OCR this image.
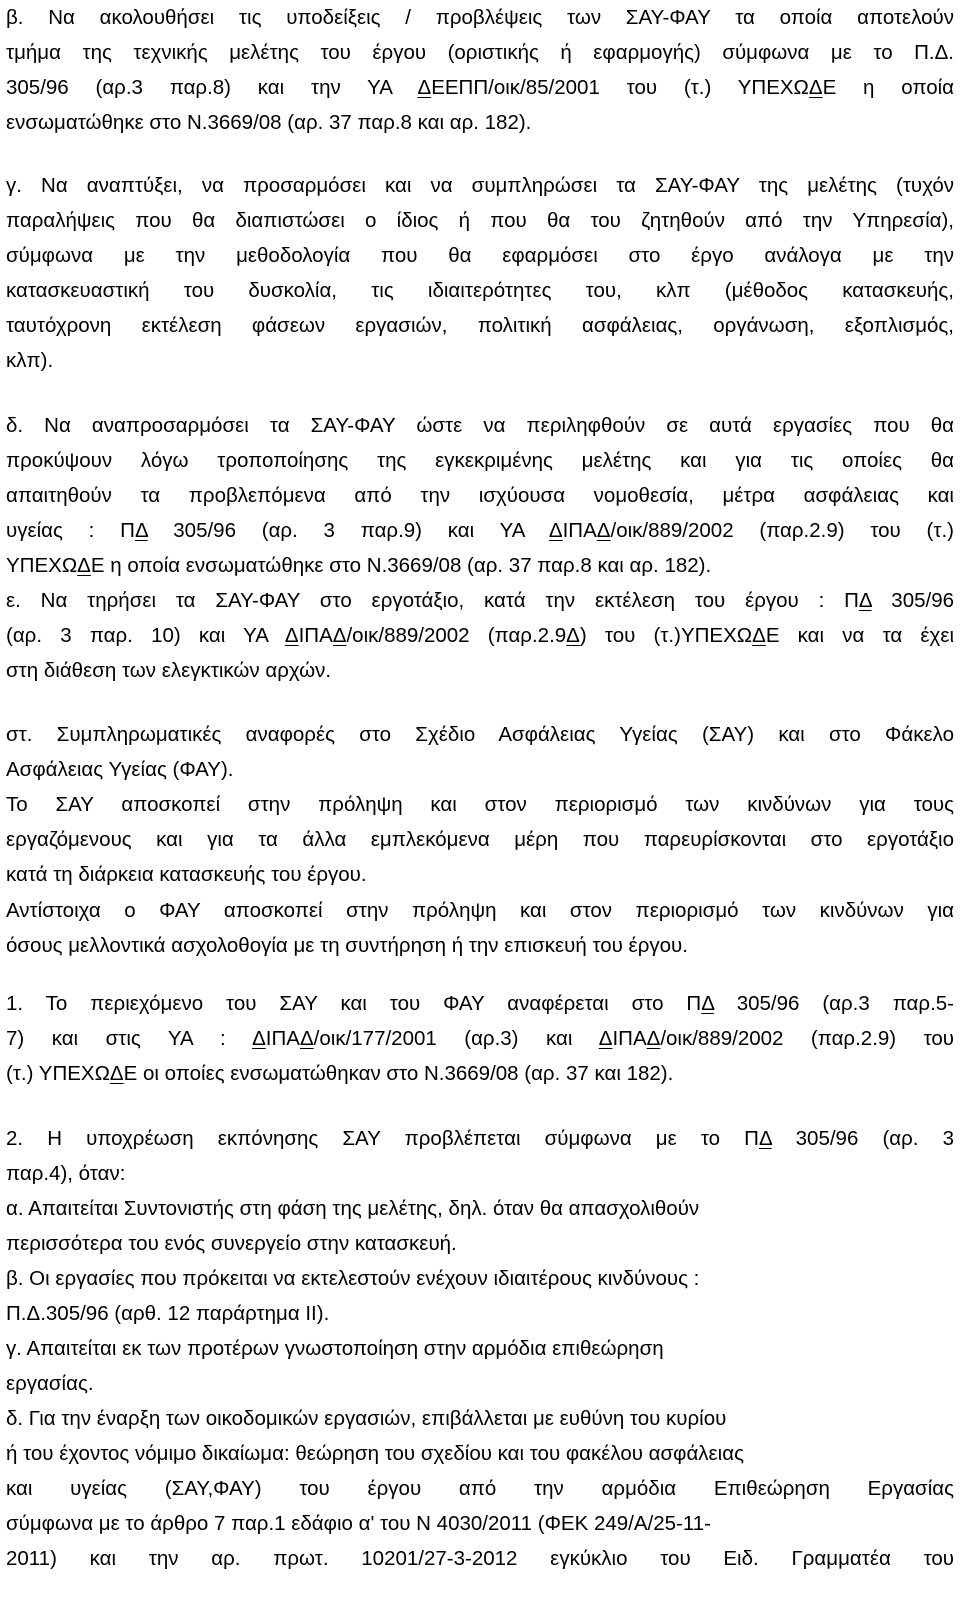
β. Να ακολουθήσει τις υποδείξεις / προβλέψεις των ΣΑΥ-ΦΑΥ τα οποία αποτελούν
τμήμα της τεχνικής μελέτης του έργου (οριστικής ή εφαρμογής) σύμφωνα με το Π.Δ.
305/96 (αρ.3 παρ.8) και την ΥΑ ΔΕΕΠΠ/οικ/85/2001 του (τ.) ΥΠΕΧΩΔΕ η οποία
ενσωματώθηκε στο Ν.3669/08 (αρ. 37 παρ.8 και αρ. 182).
γ. Να αναπτύξει, να προσαρμόσει και να συμπληρώσει τα ΣΑΥ-ΦΑΥ της μελέτης (τυχόν
παραλήψεις που θα διαπιστώσει ο ίδιος ή που θα του ζητηθούν από την Υπηρεσία),
σύμφωνα με την μεθοδολογία που θα εφαρμόσει στο έργο ανάλογα με την
κατασκευαστική του δυσκολία, τις ιδιαιτερότητες του, κλπ (μέθοδος κατασκευής,
ταυτόχρονη εκτέλεση φάσεων εργασιών, πολιτική ασφάλειας, οργάνωση, εξοπλισμός,
κλπ).
δ. Να αναπροσαρμόσει τα ΣΑΥ-ΦΑΥ ώστε να περιληφθούν σε αυτά εργασίες που θα
προκύψουν λόγω τροποποίησης της εγκεκριμένης μελέτης και για τις οποίες θα
απαιτηθούν τα προβλεπόμενα από την ισχύουσα νομοθεσία, μέτρα ασφάλειας και
υγείας : ΠΔ 305/96 (αρ. 3 παρ.9) και ΥΑ ΔΙΠΑΔ/οικ/889/2002 (παρ.2.9) του (τ.)
ΥΠΕΧΩΔΕ η οποία ενσωματώθηκε στο Ν.3669/08 (αρ. 37 παρ.8 και αρ. 182).
ε. Να τηρήσει τα ΣΑΥ-ΦΑΥ στο εργοτάξιο, κατά την εκτέλεση του έργου : ΠΔ 305/96
(αρ. 3 παρ. 10) και ΥΑ ΔΙΠΑΔ/οικ/889/2002 (παρ.2.9Δ) του (τ.)ΥΠΕΧΩΔΕ και να τα έχει
στη διάθεση των ελεγκτικών αρχών.
στ. Συμπληρωματικές αναφορές στο Σχέδιο Ασφάλειας Υγείας (ΣΑΥ) και στο Φάκελο
Ασφάλειας Υγείας (ΦΑΥ).
Το ΣΑΥ αποσκοπεί στην πρόληψη και στον περιορισμό των κινδύνων για τους
εργαζόμενους και για τα άλλα εμπλεκόμενα μέρη που παρευρίσκονται στο εργοτάξιο
κατά τη διάρκεια κατασκευής του έργου.
Αντίστοιχα ο ΦΑΥ αποσκοπεί στην πρόληψη και στον περιορισμό των κινδύνων για
όσους μελλοντικά ασχολοθογία με τη συντήρηση ή την επισκευή του έργου.
1. Το περιεχόμενο του ΣΑΥ και του ΦΑΥ αναφέρεται στο ΠΔ 305/96 (αρ.3 παρ.5-
7) και στις ΥΑ : ΔΙΠΑΔ/οικ/177/2001 (αρ.3) και ΔΙΠΑΔ/οικ/889/2002 (παρ.2.9) του
(τ.) ΥΠΕΧΩΔΕ οι οποίες ενσωματώθηκαν στο Ν.3669/08 (αρ. 37 και 182).
2. Η υποχρέωση εκπόνησης ΣΑΥ προβλέπεται σύμφωνα με το ΠΔ 305/96 (αρ. 3
παρ.4), όταν:
α. Απαιτείται Συντονιστής στη φάση της μελέτης, δηλ. όταν θα απασχολιθούν
περισσότερα του ενός συνεργείο στην κατασκευή.
β. Οι εργασίες που πρόκειται να εκτελεστούν ενέχουν ιδιαιτέρους κινδύνους :
Π.Δ.305/96 (αρθ. 12 παράρτημα ΙΙ).
γ. Απαιτείται εκ των προτέρων γνωστοποίηση στην αρμόδια επιθεώρηση
εργασίας.
δ. Για την έναρξη των οικοδομικών εργασιών, επιβάλλεται με ευθύνη του κυρίου
ή του έχοντος νόμιμο δικαίωμα: θεώρηση του σχεδίου και του φακέλου ασφάλειας
και υγείας (ΣΑΥ,ΦΑΥ) του έργου από την αρμόδια Επιθεώρηση Εργασίας
σύμφωνα με το άρθρο 7 παρ.1 εδάφιο α' του Ν 4030/2011 (ΦΕΚ 249/Α/25-11-
2011) και την αρ. πρωτ. 10201/27-3-2012 εγκύκλιο του Ειδ. Γραμματέα του
